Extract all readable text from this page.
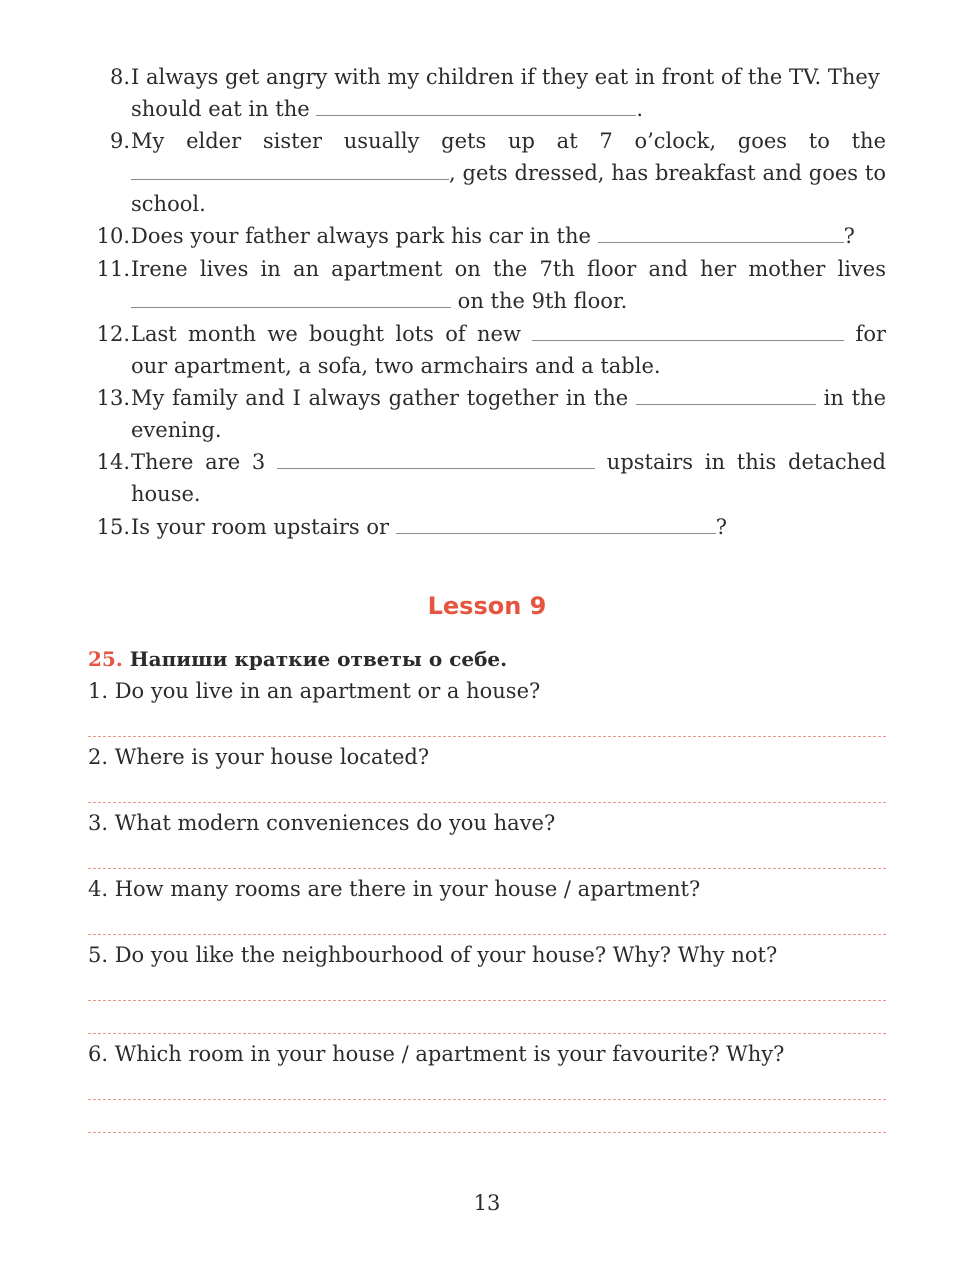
8. I always get angry with my children if they eat in front of the TV. They should eat in the	.
9. My elder sister usually gets up at 7 o’clock, goes to the , gets dressed, has breakfast and goes to school.
10. Does your father always park his car in the	?
11. Irene lives in an apartment on the 7th floor and her mother lives  on the 9th floor.
12. Last month we bought lots of new	for our apartment, a sofa, two armchairs and a table.
13. My family and I always gather together in the	in the evening.
14. There are 3	upstairs in this detached house.
15. Is your room upstairs or	?
Lesson 9
25. Напиши краткие ответы о себе.
1. Do you live in an apartment or a house?
2. Where is your house located?
3. What modern conveniences do you have?
4. How many rooms are there in your house / apartment?
5. Do you like the neighbourhood of your house? Why? Why not?
6. Which room in your house / apartment is your favourite? Why?
13
